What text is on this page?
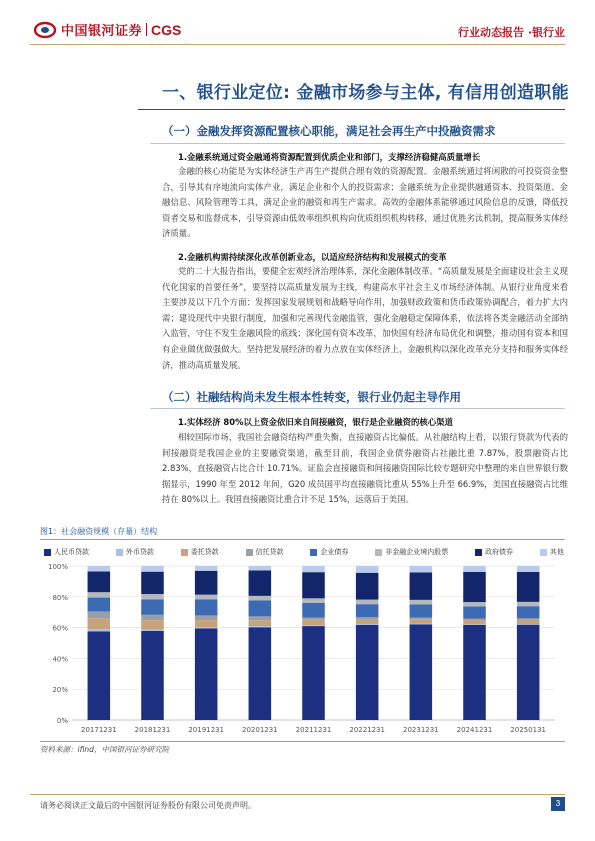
中国银河证券 CGS	行业动态报告 ·银行业
一、银行业定位: 金融市场参与主体, 有信用创造职能
（一）金融发挥资源配置核心职能，满足社会再生产中投融资需求
1.金融系统通过资金融通将资源配置到优质企业和部门，支撑经济稳健高质量增长
金融的核心功能是为实体经济生产再生产提供合理有效的资源配置。金融系统通过将闲散的可投资资金整合，引导其有序地流向实体产业，满足企业和个人的投资需求；金融系统为企业提供融通资本、投资渠道、金融信息、风险管理等工具，满足企业的融资和再生产需求。高效的金融体系能够通过风险信息的反馈，降低投资者交易和监督成本，引导资源由低效率组织机构向优质组织机构转移，通过优胜劣汰机制，提高服务实体经济质量。
2.金融机构需持续深化改革创新业态，以适应经济结构和发展模式的变革
党的二十大报告指出，要健全宏观经济治理体系，深化金融体制改革。“高质量发展是全面建设社会主义现代化国家的首要任务”，要坚持以高质量发展为主线，构建高水平社会主义市场经济体制。从银行业角度来看主要涉及以下几个方面：发挥国家发展规划和战略导向作用，加强财政政策和货币政策协调配合，着力扩大内需；建设现代中央银行制度，加强和完善现代金融监管，强化金融稳定保障体系，依法将各类金融活动全部纳入监管，守住不发生金融风险的底线；深化国有资本改革，加快国有经济布局优化和调整，推动国有资本和国有企业做优做强做大。坚持把发展经济的着力点放在实体经济上，金融机构以深化改革充分支持和服务实体经济，推动高质量发展。
（二）社融结构尚未发生根本性转变，银行业仍起主导作用
1.实体经济 80%以上资金依旧来自间接融资，银行是企业融资的核心渠道
相较国际市场，我国社会融资结构严重失衡，直接融资占比偏低。从社融结构上看，以银行贷款为代表的间接融资是我国企业的主要融资渠道，截至目前，我国企业债券融资占社融比重 7.87%，股票融资占比 2.83%，直接融资占比合计 10.71%。证监会直接融资和间接融资国际比较专题研究中整理的来自世界银行数据显示，1990 年至 2012 年间，G20 成员国平均直接融资比重从 55%上升至 66.9%，美国直接融资占比维持在 80%以上。我国直接融资比重合计不足 15%，远落后于美国。
图1：社会融资规模（存量）结构
人民币贷款	外币贷款	委托贷款	信托贷款	企业债券	非金融企业境内股票	政府债券	其他
0%
20%
40%
60%
80%
100%
20171231	20181231	20191231	20201231	20211231	20221231	20231231	20241231	20250131
资料来源：ifind，中国银河证券研究院
请务必阅读正文最后的中国银河证券股份有限公司免责声明。	3
